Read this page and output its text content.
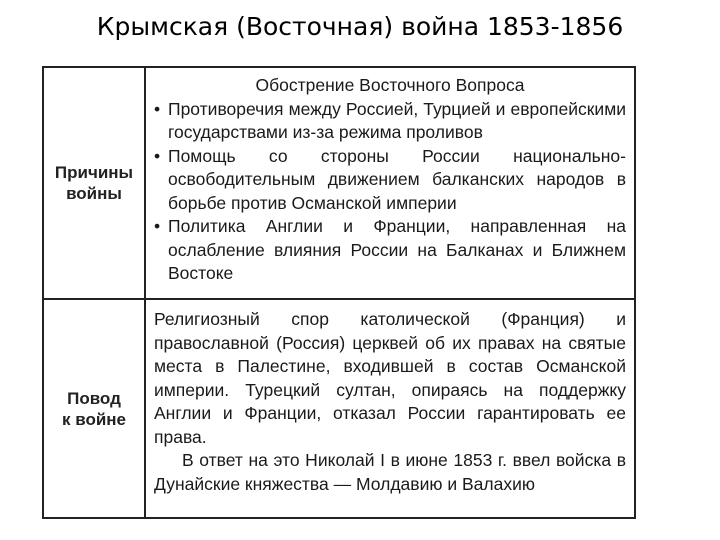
Крымская (Восточная) война 1853-1856
Причины
войны
Обострение Восточного Вопроса
• Противоречия между Россией, Турцией и европейскими государствами из-за режима проливов
• Помощь со стороны России национально-освободительным движением балканских народов в борьбе против Османской империи
• Политика Англии и Франции, направленная на ослабление влияния России на Балканах и Ближнем Востоке
Повод
к войне

Религиозный спор католической (Франция) и православной (Россия) церквей об их правах на святые места в Палестине, входившей в состав Османской империи. Турецкий султан, опираясь на поддержку Англии и Франции, отказал России гарантировать ее права.

В ответ на это Николай I в июне 1853 г. ввел войска в Дунайские княжества — Молдавию и Валахию
